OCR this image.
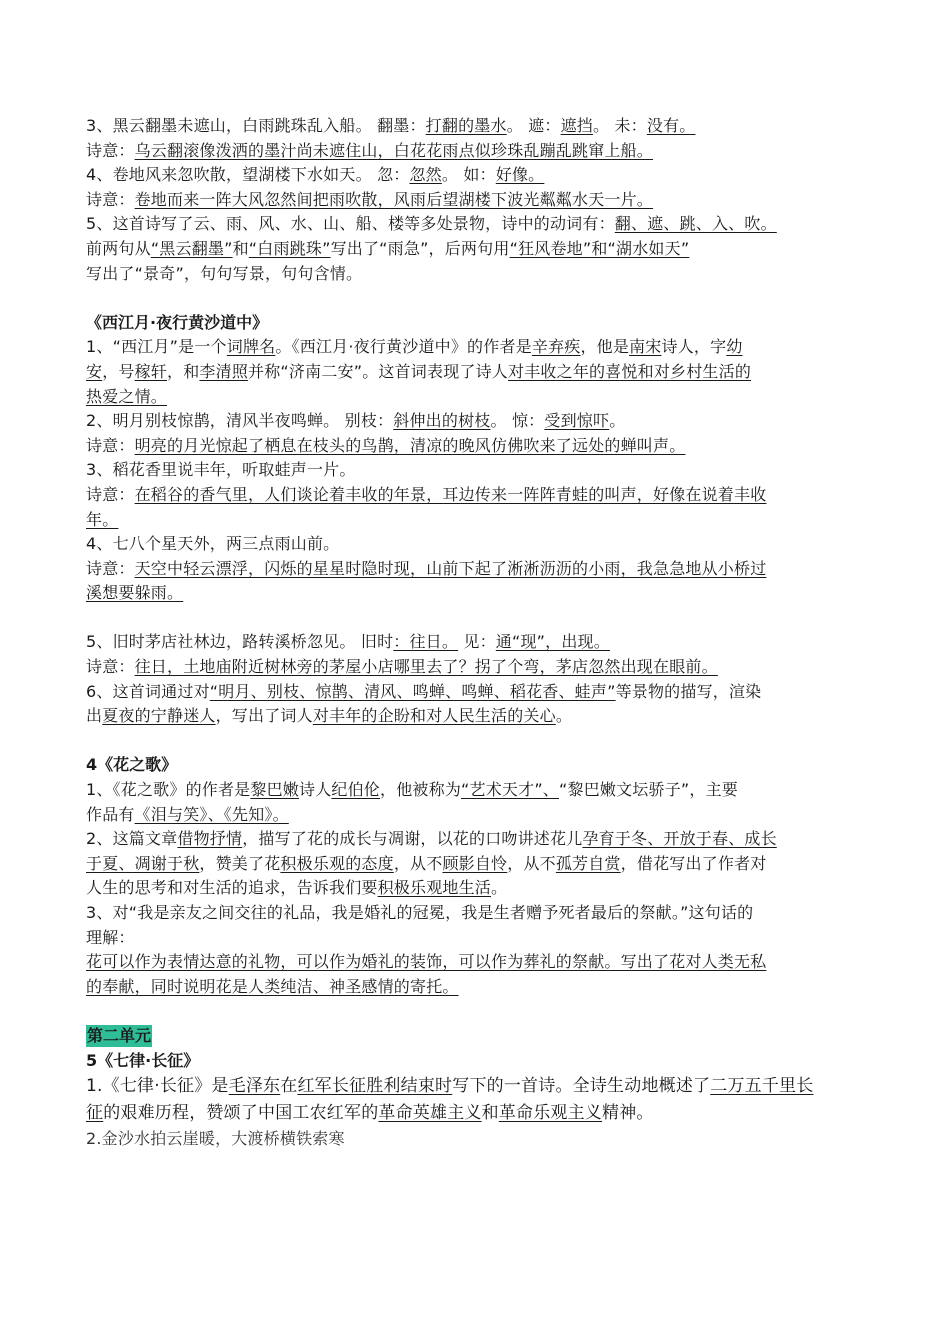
3、黑云翻墨未遮山，白雨跳珠乱入船。 翻墨：打翻的墨水。 遮：遮挡。 未：没有。

诗意：乌云翻滚像泼洒的墨汁尚未遮住山，白花花雨点似珍珠乱蹦乱跳窜上船。

4、卷地风来忽吹散，望湖楼下水如天。 忽：忽然。 如：好像。

诗意：卷地而来一阵大风忽然间把雨吹散，风雨后望湖楼下波光粼粼水天一片。

5、这首诗写了云、雨、风、水、山、船、楼等多处景物，诗中的动词有：翻、遮、跳、入、吹。

前两句从“黑云翻墨”和“白雨跳珠”写出了“雨急”，后两句用“狂风卷地”和“湖水如天”

写出了“景奇”，句句写景，句句含情。

《西江月·夜行黄沙道中》

1、“西江月”是一个词牌名。《西江月·夜行黄沙道中》的作者是辛弃疾，他是南宋诗人，字幼

安，号稼轩，和李清照并称“济南二安”。这首词表现了诗人对丰收之年的喜悦和对乡村生活的

热爱之情。

2、明月别枝惊鹊，清风半夜鸣蝉。 别枝：斜伸出的树枝。 惊：受到惊吓。

诗意：明亮的月光惊起了栖息在枝头的鸟鹊，清凉的晚风仿佛吹来了远处的蝉叫声。

3、稻花香里说丰年，听取蛙声一片。

诗意：在稻谷的香气里，人们谈论着丰收的年景，耳边传来一阵阵青蛙的叫声，好像在说着丰收

年。

4、七八个星天外，两三点雨山前。

诗意：天空中轻云漂浮，闪烁的星星时隐时现，山前下起了淅淅沥沥的小雨，我急急地从小桥过

溪想要躲雨。

5、旧时茅店社林边，路转溪桥忽见。 旧时：往日。 见：通“现”，出现。

诗意：往日，土地庙附近树林旁的茅屋小店哪里去了？拐了个弯，茅店忽然出现在眼前。

6、这首词通过对“明月、别枝、惊鹊、清风、鸣蝉、鸣蝉、稻花香、蛙声”等景物的描写，渲染

出夏夜的宁静迷人，写出了词人对丰年的企盼和对人民生活的关心。

4《花之歌》

1、《花之歌》的作者是黎巴嫩诗人纪伯伦，他被称为“艺术天才”、“黎巴嫩文坛骄子”，主要

作品有《泪与笑》、《先知》。

2、这篇文章借物抒情，描写了花的成长与凋谢，以花的口吻讲述花儿孕育于冬、开放于春、成长

于夏、凋谢于秋，赞美了花积极乐观的态度，从不顾影自怜，从不孤芳自赏，借花写出了作者对

人生的思考和对生活的追求，告诉我们要积极乐观地生活。

3、对“我是亲友之间交往的礼品，我是婚礼的冠冕，我是生者赠予死者最后的祭献。”这句话的

理解：

花可以作为表情达意的礼物，可以作为婚礼的装饰，可以作为葬礼的祭献。写出了花对人类无私

的奉献，同时说明花是人类纯洁、神圣感情的寄托。

第二单元

5《七律·长征》

1.《七律·长征》是毛泽东在红军长征胜利结束时写下的一首诗。全诗生动地概述了二万五千里长

征的艰难历程，赞颂了中国工农红军的革命英雄主义和革命乐观主义精神。

2.金沙水拍云崖暖，大渡桥横铁索寒
